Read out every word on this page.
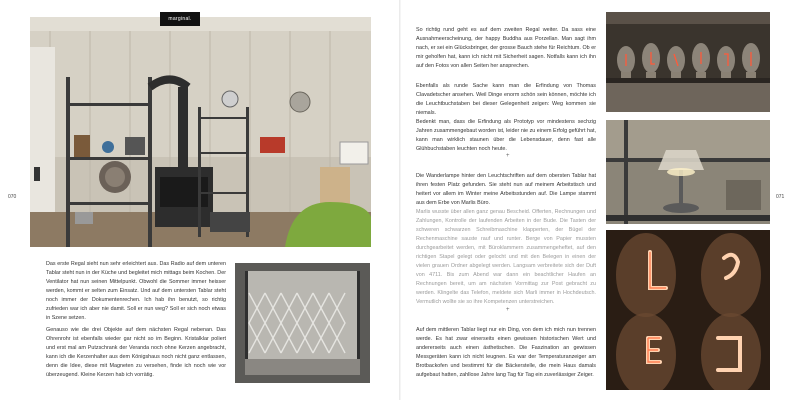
marginal.
070

Das erste Regal sieht nun sehr erleichtert aus. Das Radio auf dem unteren Tablar steht nun in der Küche und begleitet mich mittags beim Kochen. Der Ventilator hat nun seinen Mittelpunkt. Obwohl die Sommer immer heisser werden, kommt er selten zum Einsatz. Und auf dem untersten Tablar steht noch immer der Dokumentenrechen. Ich hab ihn benutzt, so richtig zufrieden war ich aber nie damit. Soll er nun weg? Soll er sich noch etwas in Szene setzen.

Genauso wie die drei Objekte auf dem nächsten Regal nebenan. Das Ohrenrohr ist ebenfalls wieder gar nicht so im Beginn. Kristalklar poliert und erst mal am Putzschrank der Veranda noch ohne Kerzen angebracht, kann ich die Kerzenhalter aus dem Königshaus noch nicht ganz entlassen, denn die Idee, diese mit Magneten zu versehen, finde ich noch wie vor überzeugend. Kleine Kerzen hab ich vorrätig.

So richtig rund geht es auf dem zweiten Regal weiter. Da sass eine Ausnahmeerscheinung, der happy Buddha aus Porzellan. Man sagt ihm nach, er sei ein Glücksbringer, der grosse Bauch stehe für Reichtum. Ob er mir geholfen hat, kann ich nicht mit Sicherheit sagen. Notfalls kann ich ihn auf den Fotos von allen Seiten her ansprechen.

Ebenfalls als runde Sache kann man die Erfindung von Thomas Clavadetscher ansehen. Weil Dinge enorm schön sein können, möchte ich die Leuchtbuchstaben bei dieser Gelegenheit zeigen: Weg kommen sie niemals.

Bedenkt man, dass die Erfindung als Prototyp vor mindestens sechzig Jahren zusammengebaut worden ist, leider nie zu einem Erfolg geführt hat, kann man wirklich staunen über die Lebensdauer, denn fast alle Glühbuchstaben leuchten noch heute.

+

Die Wanderlampe hinter den Leuchtschriften auf dem obersten Tablar hat ihren festen Platz gefunden. Sie steht nun auf meinem Arbeitstisch und heitert vor allem im Winter meine Arbeitsstunden auf. Die Lampe stammt aus dem Erbe von Marlis Büro.

Marlis wusste über allen ganz genau Bescheid. Offerten, Rechnungen und Zahlungen, Kontrolle der laufenden Arbeiten in der Bude. Die Tasten der schweren schwarzen Schreibmaschine klapperten, der Bügel der Rechenmaschine sauste rauf und runter. Berge von Papier mussten durchgearbeitet werden, mit Büroklammern zusammengeheftet, auf den richtigen Stapel gelegt oder gelocht und mit den Belegen in einen der vielen grauen Ordner abgelegt werden. Langsam verbreitete sich der Duft von 4711. Bis zum Abend war dann ein beachtlicher Haufen an Rechnungen bereit, um am nächsten Vormittag zur Post gebracht zu werden. Klingelte das Telefon, meldete sich Marli immer in Hochdeutsch. Vermutlich wollte sie so ihre Kompetenzen unterstreichen.

+

Auf dem mittleren Tablar liegt nur ein Ding, von dem ich mich nun trennen werde. Es hat zwar einerseits einen gewissen historischen Wert und andererseits auch einen ästhetischen. Die Faszination an gewissen Messgeräten kann ich nicht leugnen. Es war der Temperaturanzeiger am Brotbackofen und bestimmt für die Bäckerstelle, die mein Haus damals aufgebaut hatten, zahllose Jahre lang Tag für Tag ein zuverlässiger Zeiger.

071
